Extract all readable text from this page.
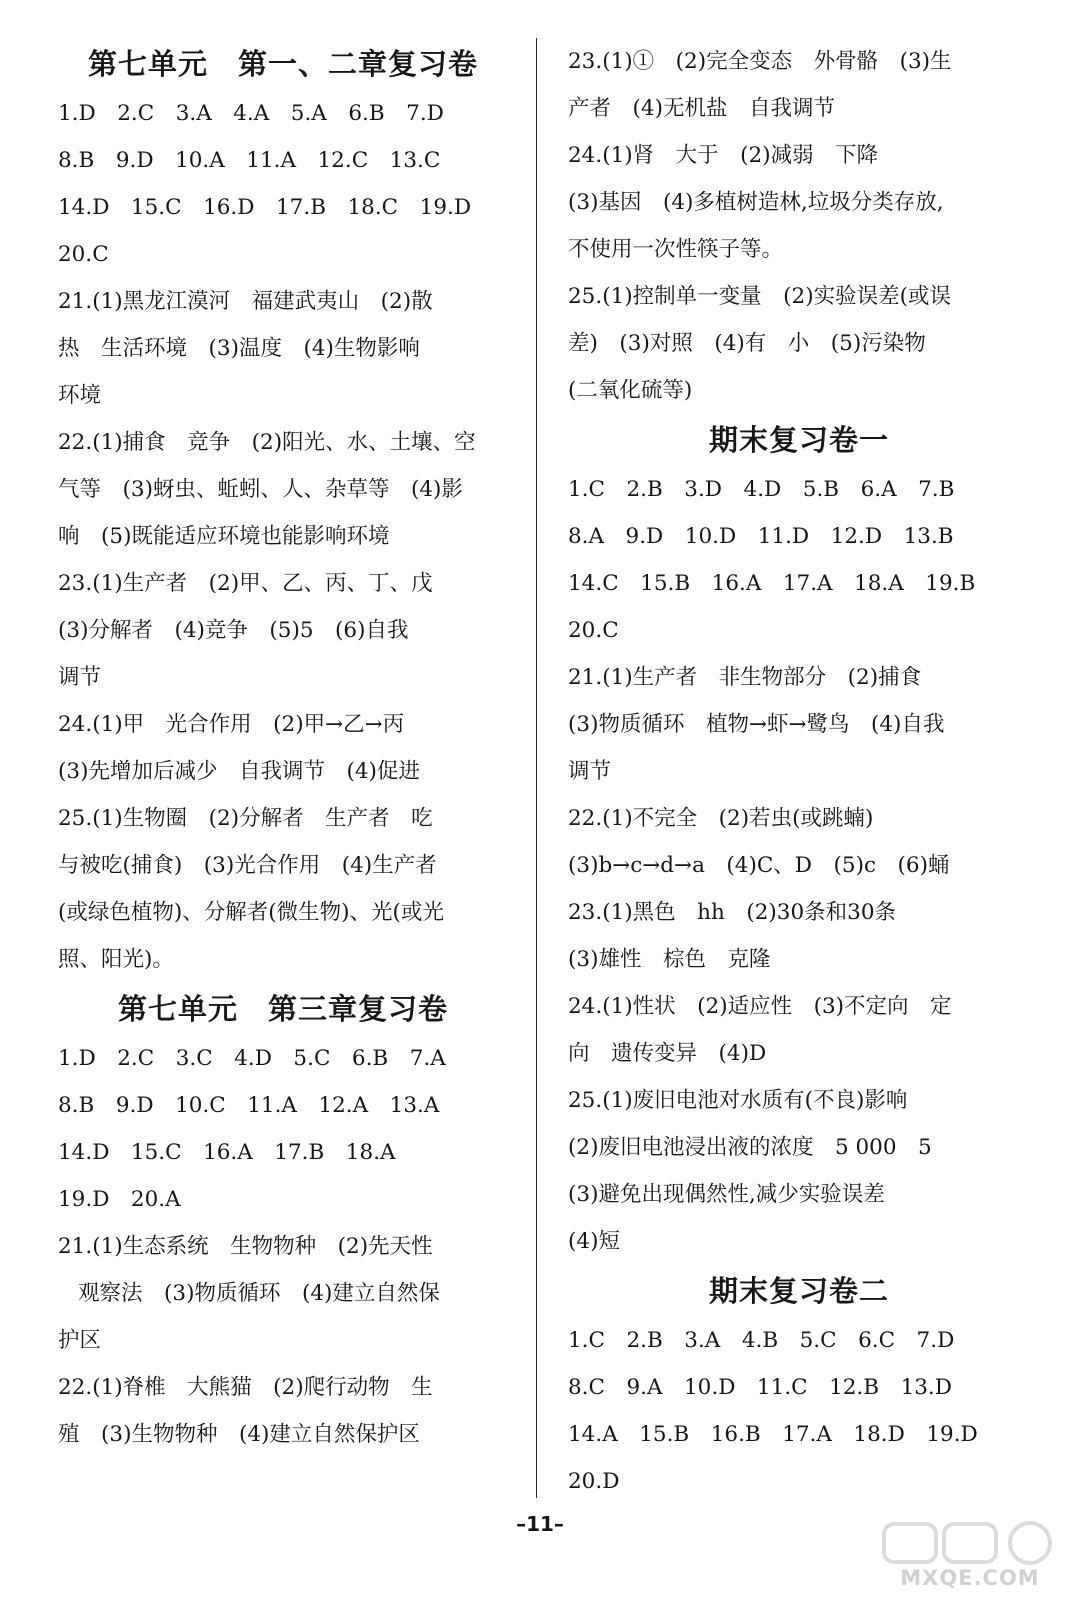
第七单元　第一、二章复习卷
1.D　2.C　3.A　4.A　5.A　6.B　7.D
8.B　9.D　10.A　11.A　12.C　13.C
14.D　15.C　16.D　17.B　18.C　19.D
20.C
21.(1)黑龙江漠河　福建武夷山　(2)散
热　生活环境　(3)温度　(4)生物影响
环境
22.(1)捕食　竞争　(2)阳光、水、土壤、空
气等　(3)蚜虫、蚯蚓、人、杂草等　(4)影
响　(5)既能适应环境也能影响环境
23.(1)生产者　(2)甲、乙、丙、丁、戊
(3)分解者　(4)竞争　(5)5　(6)自我
调节
24.(1)甲　光合作用　(2)甲→乙→丙
(3)先增加后减少　自我调节　(4)促进
25.(1)生物圈　(2)分解者　生产者　吃
与被吃(捕食)　(3)光合作用　(4)生产者
(或绿色植物)、分解者(微生物)、光(或光
照、阳光)。
第七单元　第三章复习卷
1.D　2.C　3.C　4.D　5.C　6.B　7.A
8.B　9.D　10.C　11.A　12.A　13.A
14.D　15.C　16.A　17.B　18.A
19.D　20.A
21.(1)生态系统　生物物种　(2)先天性
观察法　(3)物质循环　(4)建立自然保
护区
22.(1)脊椎　大熊猫　(2)爬行动物　生
殖　(3)生物物种　(4)建立自然保护区
23.(1)①　(2)完全变态　外骨骼　(3)生
产者　(4)无机盐　自我调节
24.(1)肾　大于　(2)减弱　下降
(3)基因　(4)多植树造林,垃圾分类存放,
不使用一次性筷子等。
25.(1)控制单一变量　(2)实验误差(或误
差)　(3)对照　(4)有　小　(5)污染物
(二氧化硫等)
期末复习卷一
1.C　2.B　3.D　4.D　5.B　6.A　7.B
8.A　9.D　10.D　11.D　12.D　13.B
14.C　15.B　16.A　17.A　18.A　19.B
20.C
21.(1)生产者　非生物部分　(2)捕食
(3)物质循环　植物→虾→鹭鸟　(4)自我
调节
22.(1)不完全　(2)若虫(或跳蝻)
(3)b→c→d→a　(4)C、D　(5)c　(6)蛹
23.(1)黑色　hh　(2)30条和30条
(3)雄性　棕色　克隆
24.(1)性状　(2)适应性　(3)不定向　定
向　遗传变异　(4)D
25.(1)废旧电池对水质有(不良)影响
(2)废旧电池浸出液的浓度　5 000　5
(3)避免出现偶然性,减少实验误差
(4)短
期末复习卷二
1.C　2.B　3.A　4.B　5.C　6.C　7.D
8.C　9.A　10.D　11.C　12.B　13.D
14.A　15.B　16.B　17.A　18.D　19.D
20.D
–11–
MXQE.COM
